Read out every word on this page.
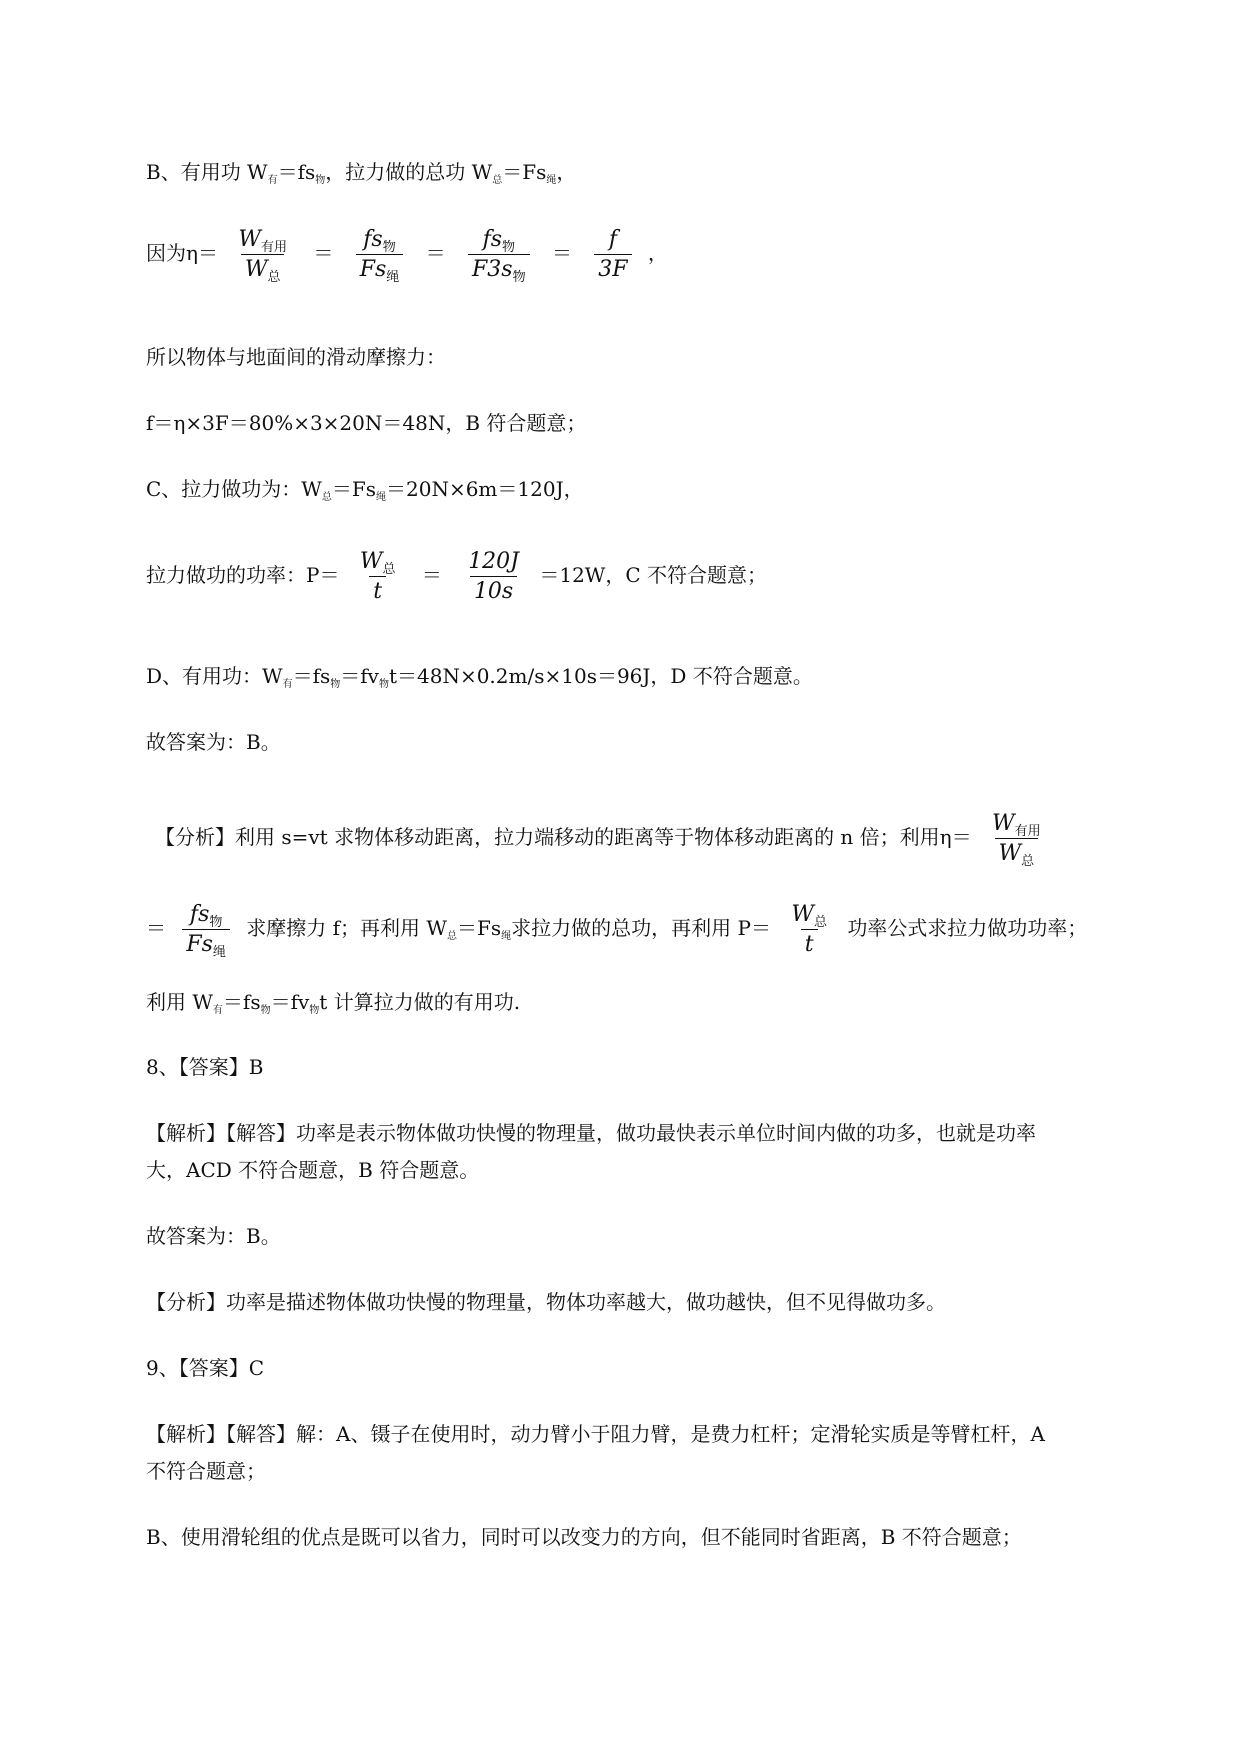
B、有用功 $W_有=fs_物$，拉力做的总功 $W_总=Fs_绳$，
因为$\eta= \frac{W_{有用}}{W_总} = \frac{fs_物}{Fs_绳} = \frac{fs_物}{F3s_物} = \frac{f}{3F}$ ，
所以物体与地面间的滑动摩擦力：
f＝η×3F＝80%×3×20N＝48N，B 符合题意；
C、拉力做功为：$W_总=Fs_绳=20N\times 6m=120J$，
拉力做功的功率：$P= \frac{W_总}{t} = \frac{120J}{10s} =12W$，C 不符合题意；
D、有用功：$W_有=fs_物=fv_物t=48N\times 0.2m/s\times 10s=96J$，D 不符合题意。
故答案为：B。
【分析】利用 s=vt 求物体移动距离，拉力端移动的距离等于物体移动距离的 n 倍；利用$\eta= \frac{W_{有用}}{W_总}$
＝ $\frac{fs_物}{Fs_绳}$ 求摩擦力 f；再利用 $W_总=Fs_绳$求拉力做的总功，再利用 $P= \frac{W_总}{t}$ 功率公式求拉力做功功率；
利用 $W_有=fs_物=fv_物t$ 计算拉力做的有用功.
8、【答案】B
【解析】【解答】功率是表示物体做功快慢的物理量，做功最快表示单位时间内做的功多，也就是功率
大，ACD 不符合题意，B 符合题意。
故答案为：B。
【分析】功率是描述物体做功快慢的物理量，物体功率越大，做功越快，但不见得做功多。
9、【答案】C
【解析】【解答】解：A、镊子在使用时，动力臂小于阻力臂，是费力杠杆；定滑轮实质是等臂杠杆，A
不符合题意；
B、使用滑轮组的优点是既可以省力，同时可以改变力的方向，但不能同时省距离，B 不符合题意；
